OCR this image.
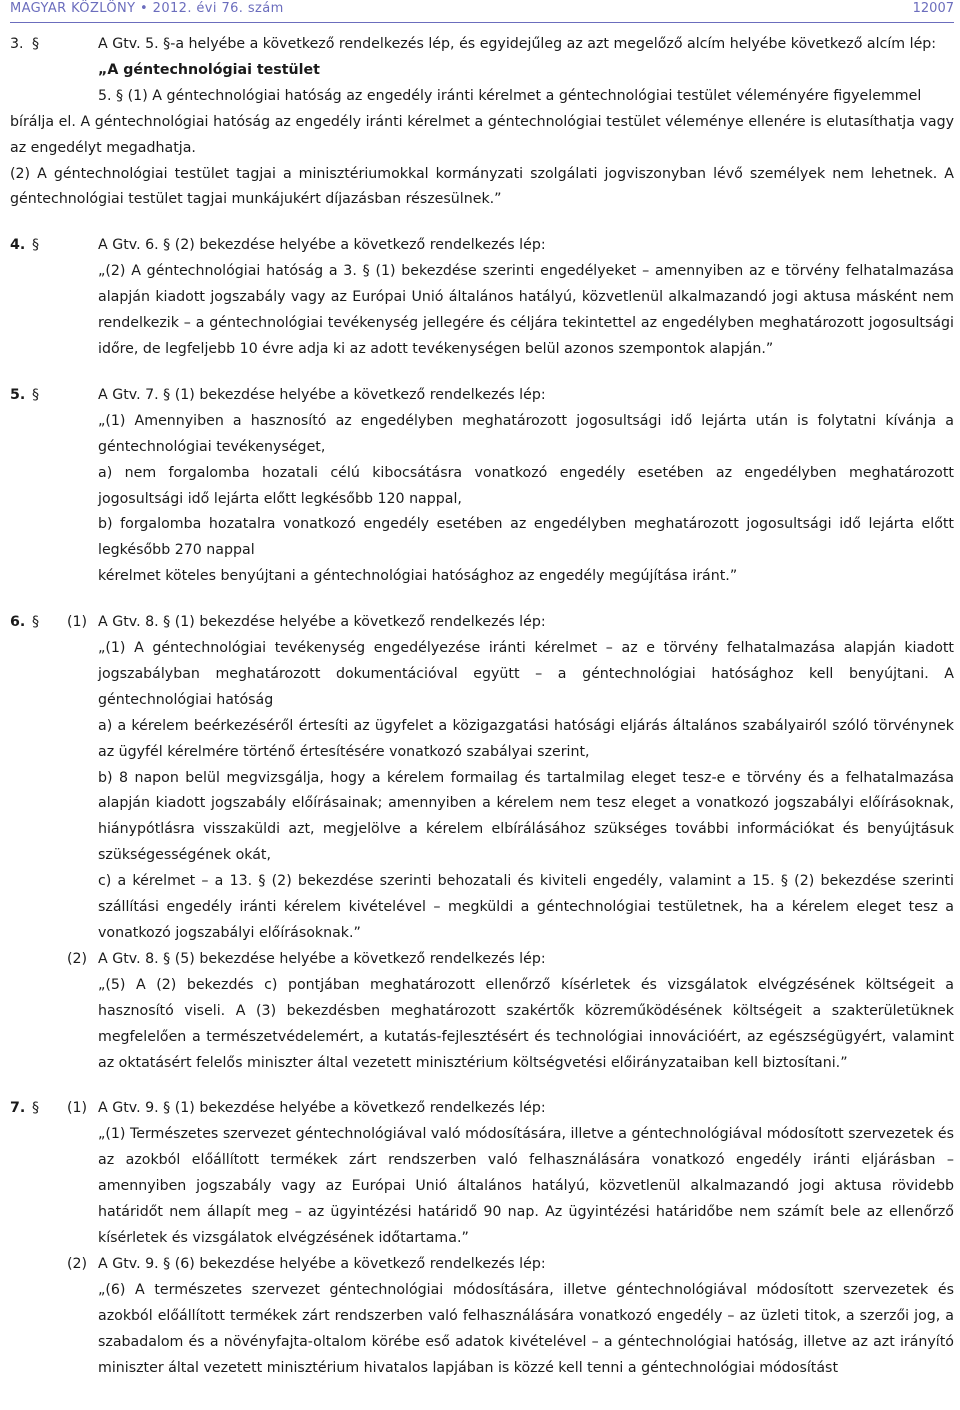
MAGYAR KÖZLÖNY • 2012. évi 76. szám	12007
3. §	A Gtv. 5. §-a helyébe a következő rendelkezés lép, és egyidejűleg az azt megelőző alcím helyébe következő alcím lép:

„A géntechnológiai testület

5. § (1) A géntechnológiai hatóság az engedély iránti kérelmet a géntechnológiai testület véleményére figyelemmel

bírálja el. A géntechnológiai hatóság az engedély iránti kérelmet a géntechnológiai testület véleménye ellenére is elutasíthatja vagy az engedélyt megadhatja.

(2) A géntechnológiai testület tagjai a minisztériumokkal kormányzati szolgálati jogviszonyban lévő személyek nem lehetnek. A géntechnológiai testület tagjai munkájukért díjazásban részesülnek.”

4. §	A Gtv. 6. § (2) bekezdése helyébe a következő rendelkezés lép:

„(2) A géntechnológiai hatóság a 3. § (1) bekezdése szerinti engedélyeket – amennyiben az e törvény felhatalmazása alapján kiadott jogszabály vagy az Európai Unió általános hatályú, közvetlenül alkalmazandó jogi aktusa másként nem rendelkezik – a géntechnológiai tevékenység jellegére és céljára tekintettel az engedélyben meghatározott jogosultsági időre, de legfeljebb 10 évre adja ki az adott tevékenységen belül azonos szempontok alapján.”

5. §	A Gtv. 7. § (1) bekezdése helyébe a következő rendelkezés lép:

„(1) Amennyiben a hasznosító az engedélyben meghatározott jogosultsági idő lejárta után is folytatni kívánja a géntechnológiai tevékenységet,

a) nem forgalomba hozatali célú kibocsátásra vonatkozó engedély esetében az engedélyben meghatározott jogosultsági idő lejárta előtt legkésőbb 120 nappal,

b) forgalomba hozatalra vonatkozó engedély esetében az engedélyben meghatározott jogosultsági idő lejárta előtt legkésőbb 270 nappal

kérelmet köteles benyújtani a géntechnológiai hatósághoz az engedély megújítása iránt.”

6. § (1) A Gtv. 8. § (1) bekezdése helyébe a következő rendelkezés lép:

„(1) A géntechnológiai tevékenység engedélyezése iránti kérelmet – az e törvény felhatalmazása alapján kiadott jogszabályban meghatározott dokumentációval együtt – a géntechnológiai hatósághoz kell benyújtani. A géntechnológiai hatóság

a) a kérelem beérkezéséről értesíti az ügyfelet a közigazgatási hatósági eljárás általános szabályairól szóló törvénynek az ügyfél kérelmére történő értesítésére vonatkozó szabályai szerint,

b) 8 napon belül megvizsgálja, hogy a kérelem formailag és tartalmilag eleget tesz-e e törvény és a felhatalmazása alapján kiadott jogszabály előírásainak; amennyiben a kérelem nem tesz eleget a vonatkozó jogszabályi előírásoknak, hiánypótlásra visszaküldi azt, megjelölve a kérelem elbírálásához szükséges további információkat és benyújtásuk szükségességének okát,

c) a kérelmet – a 13. § (2) bekezdése szerinti behozatali és kiviteli engedély, valamint a 15. § (2) bekezdése szerinti szállítási engedély iránti kérelem kivételével – megküldi a géntechnológiai testületnek, ha a kérelem eleget tesz a vonatkozó jogszabályi előírásoknak.”

(2) A Gtv. 8. § (5) bekezdése helyébe a következő rendelkezés lép:

„(5) A (2) bekezdés c) pontjában meghatározott ellenőrző kísérletek és vizsgálatok elvégzésének költségeit a hasznosító viseli. A (3) bekezdésben meghatározott szakértők közreműködésének költségeit a szakterületüknek megfelelően a természetvédelemért, a kutatás-fejlesztésért és technológiai innovációért, az egészségügyért, valamint az oktatásért felelős miniszter által vezetett minisztérium költségvetési előirányzataiban kell biztosítani.”

7. § (1) A Gtv. 9. § (1) bekezdése helyébe a következő rendelkezés lép:

„(1) Természetes szervezet géntechnológiával való módosítására, illetve a géntechnológiával módosított szervezetek és az azokból előállított termékek zárt rendszerben való felhasználására vonatkozó engedély iránti eljárásban – amennyiben jogszabály vagy az Európai Unió általános hatályú, közvetlenül alkalmazandó jogi aktusa rövidebb határidőt nem állapít meg – az ügyintézési határidő 90 nap. Az ügyintézési határidőbe nem számít bele az ellenőrző kísérletek és vizsgálatok elvégzésének időtartama.”

(2) A Gtv. 9. § (6) bekezdése helyébe a következő rendelkezés lép:

„(6) A természetes szervezet géntechnológiai módosítására, illetve géntechnológiával módosított szervezetek és azokból előállított termékek zárt rendszerben való felhasználására vonatkozó engedély – az üzleti titok, a szerzői jog, a szabadalom és a növényfajta-oltalom körébe eső adatok kivételével – a géntechnológiai hatóság, illetve az azt irányító miniszter által vezetett minisztérium hivatalos lapjában is közzé kell tenni a géntechnológiai módosítást
